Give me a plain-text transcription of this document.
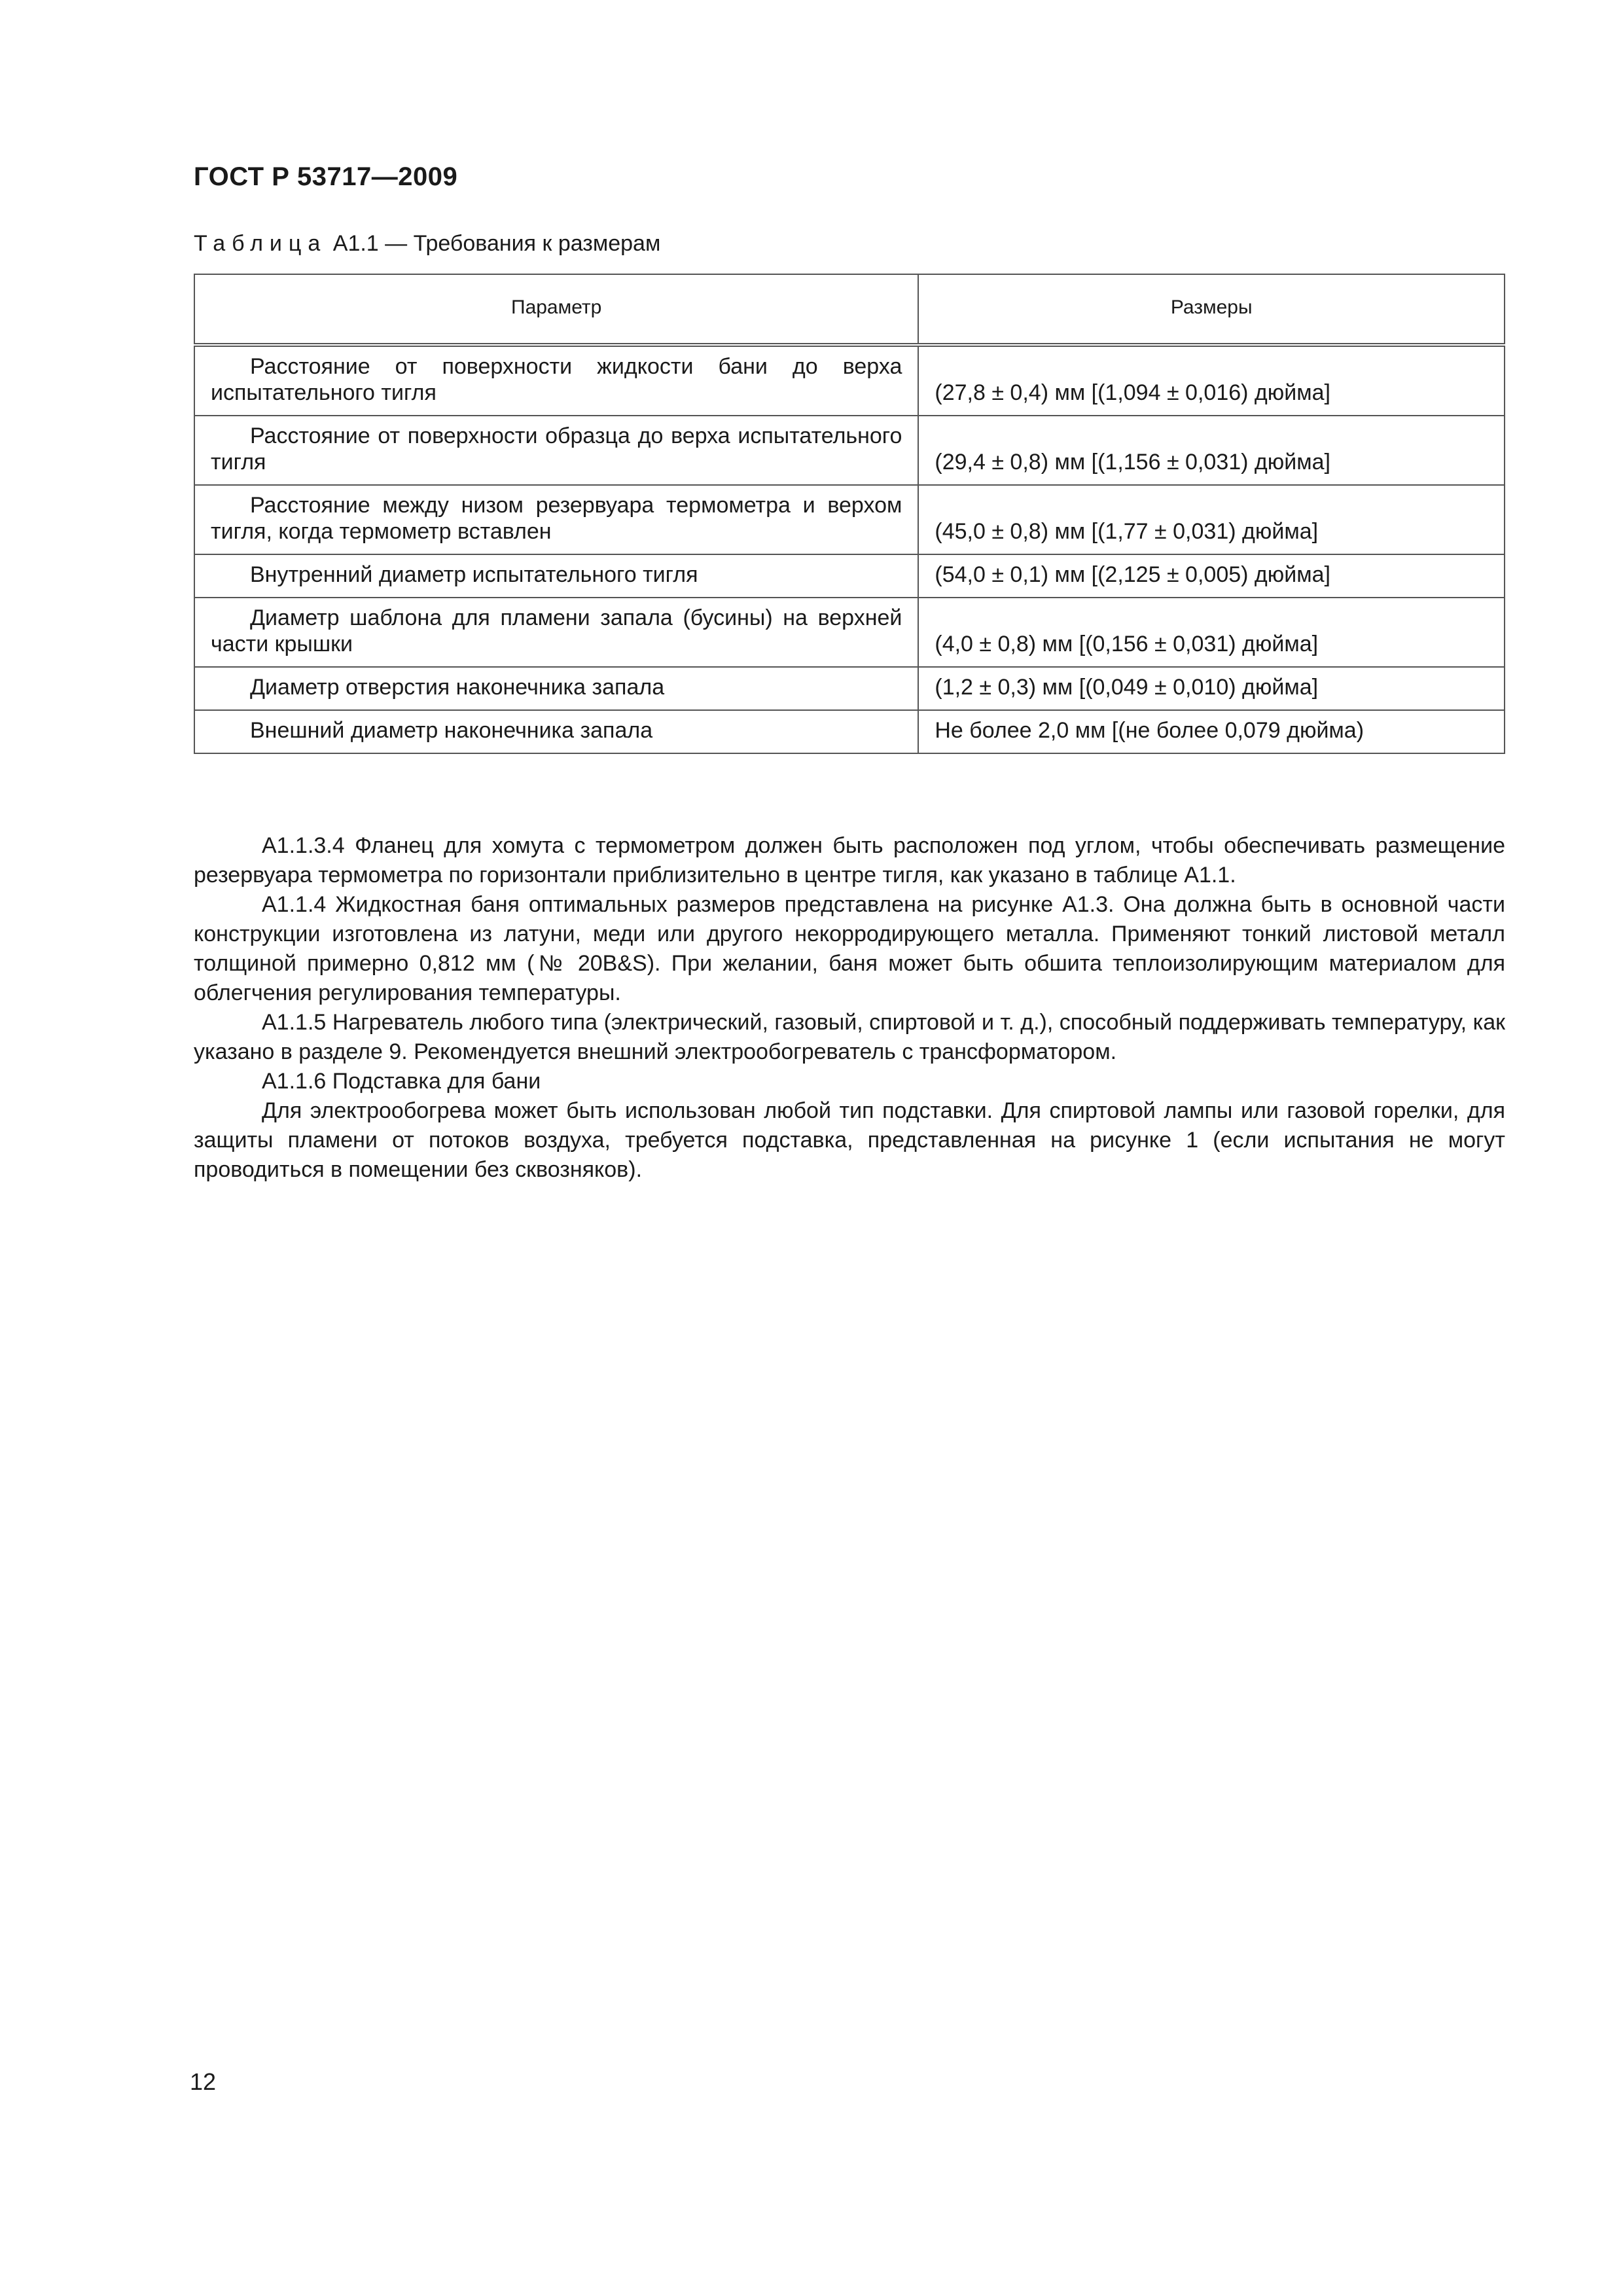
ГОСТ Р 53717—2009
Таблица А1.1 — Требования к размерам
Параметр	Размеры
Расстояние от поверхности жидкости бани до верха испытательного тигля	(27,8 ± 0,4) мм [(1,094 ± 0,016) дюйма]
Расстояние от поверхности образца до верха испытательного тигля	(29,4 ± 0,8) мм [(1,156 ± 0,031) дюйма]
Расстояние между низом резервуара термометра и верхом тигля, когда термометр вставлен	(45,0 ± 0,8) мм [(1,77 ± 0,031) дюйма]
Внутренний диаметр испытательного тигля	(54,0 ± 0,1) мм [(2,125 ± 0,005) дюйма]
Диаметр шаблона для пламени запала (бусины) на верхней части крышки	(4,0 ± 0,8) мм [(0,156 ± 0,031) дюйма]
Диаметр отверстия наконечника запала	(1,2 ± 0,3) мм [(0,049 ± 0,010) дюйма]
Внешний диаметр наконечника запала	Не более 2,0 мм [(не более 0,079 дюйма)

А1.1.3.4 Фланец для хомута с термометром должен быть расположен под углом, чтобы обеспечивать размещение резервуара термометра по горизонтали приблизительно в центре тигля, как указано в таблице А1.1.

А1.1.4 Жидкостная баня оптимальных размеров представлена на рисунке А1.3. Она должна быть в основной части конструкции изготовлена из латуни, меди или другого некорродирующего металла. Применяют тонкий листовой металл толщиной примерно 0,812 мм (№ 20B&S). При желании, баня может быть обшита теплоизолирующим материалом для облегчения регулирования температуры.

А1.1.5 Нагреватель любого типа (электрический, газовый, спиртовой и т. д.), способный поддерживать температуру, как указано в разделе 9. Рекомендуется внешний электрообогреватель с трансформатором.

А1.1.6 Подставка для бани

Для электрообогрева может быть использован любой тип подставки. Для спиртовой лампы или газовой горелки, для защиты пламени от потоков воздуха, требуется подставка, представленная на рисунке 1 (если испытания не могут проводиться в помещении без сквозняков).

12
